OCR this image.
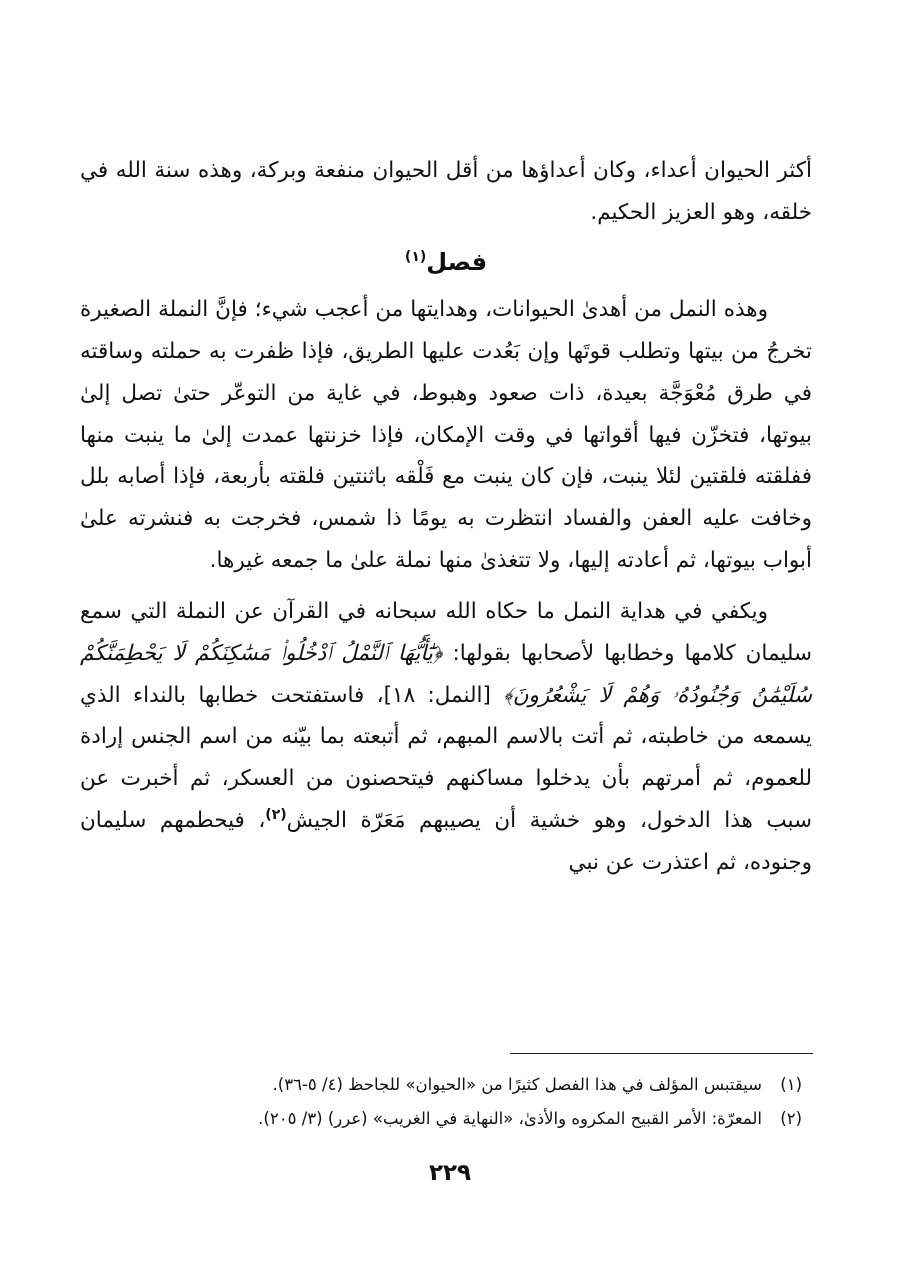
أكثر الحيوان أعداء، وكان أعداؤها من أقل الحيوان منفعة وبركة، وهذه سنة الله في خلقه، وهو العزيز الحكيم.

فصل$^{(١)}$

وهذه النمل من أهدىٰ الحيوانات، وهدايتها من أعجب شيء؛ فإنَّ النملة الصغيرة تخرجُ من بيتها وتطلب قوتَها وإن بَعُدت عليها الطريق، فإذا ظفرت به حملته وساقته في طرق مُعْوَجَّة بعيدة، ذات صعود وهبوط، في غاية من التوعّر حتىٰ تصل إلىٰ بيوتها، فتخزّن فيها أقواتها في وقت الإمكان، فإذا خزنتها عمدت إلىٰ ما ينبت منها ففلقته فلقتين لئلا ينبت، فإن كان ينبت مع فَلْقه باثنتين فلقته بأربعة، فإذا أصابه بلل وخافت عليه العفن والفساد انتظرت به يومًا ذا شمس، فخرجت به فنشرته علىٰ أبواب بيوتها، ثم أعادته إليها، ولا تتغذىٰ منها نملة علىٰ ما جمعه غيرها.

ويكفي في هداية النمل ما حكاه الله سبحانه في القرآن عن النملة التي سمع سليمان كلامها وخطابها لأصحابها بقولها: ﴿يَٰٓأَيُّهَا ٱلنَّمْلُ ٱدْخُلُوا۟ مَسَٰكِنَكُمْ لَا يَحْطِمَنَّكُمْ سُلَيْمَٰنُ وَجُنُودُهُۥ وَهُمْ لَا يَشْعُرُونَ﴾ [النمل: ١٨]، فاستفتحت خطابها بالنداء الذي يسمعه من خاطبته، ثم أتت بالاسم المبهم، ثم أتبعته بما بيّنه من اسم الجنس إرادة للعموم، ثم أمرتهم بأن يدخلوا مساكنهم فيتحصنون من العسكر، ثم أخبرت عن سبب هذا الدخول، وهو خشية أن يصيبهم مَعَرّة الجيش$^{(٢)}$، فيحطمهم سليمان وجنوده، ثم اعتذرت عن نبي

(١)سيقتبس المؤلف في هذا الفصل كثيرًا من «الحيوان» للجاحظ (٤/ ٥-٣٦).
(٢)المعرّة: الأمر القبيح المكروه والأذىٰ، «النهاية في الغريب» (عرر) (٣/ ٢٠٥).
٢٢٩
